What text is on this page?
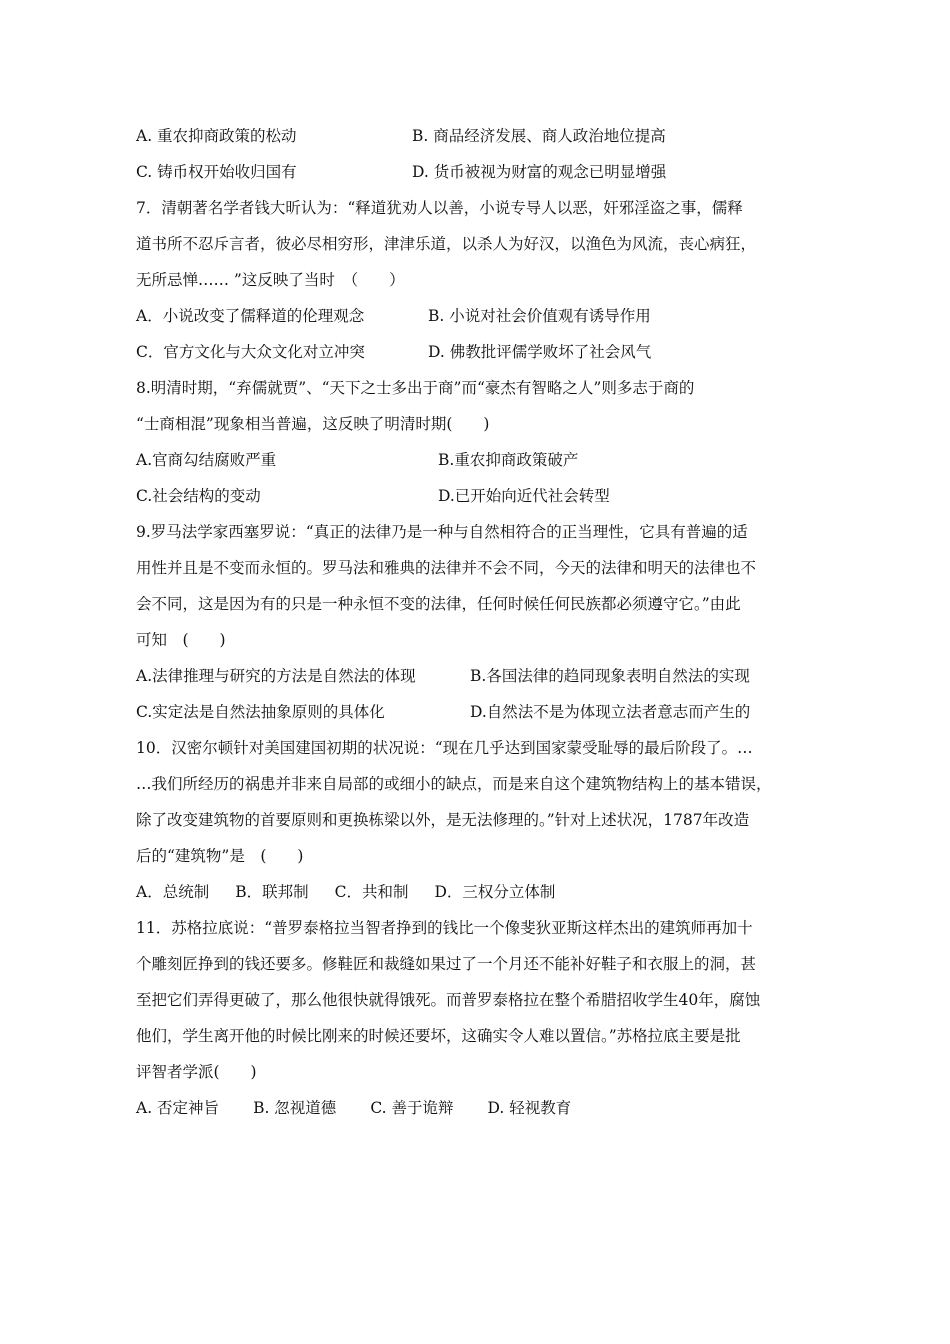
A. 重农抑商政策的松动	B. 商品经济发展、商人政治地位提高
C. 铸币权开始收归国有	D. 货币被视为财富的观念已明显增强
7．清朝著名学者钱大昕认为：“释道犹劝人以善，小说专导人以恶，奸邪淫盗之事，儒释
道书所不忍斥言者，彼必尽相穷形，津津乐道，以杀人为好汉，以渔色为风流，丧心病狂，
无所忌惮…… ”这反映了当时　（　　）
A．小说改变了儒释道的伦理观念	B. 小说对社会价值观有诱导作用
C．官方文化与大众文化对立冲突	D. 佛教批评儒学败坏了社会风气
8.明清时期，“弃儒就贾”、“天下之士多出于商”而“豪杰有智略之人”则多志于商的
“士商相混”现象相当普遍，这反映了明清时期(　　)
A.官商勾结腐败严重	B.重农抑商政策破产
C.社会结构的变动	D.已开始向近代社会转型
9.罗马法学家西塞罗说：“真正的法律乃是一种与自然相符合的正当理性，它具有普遍的适
用性并且是不变而永恒的。罗马法和雅典的法律并不会不同，今天的法律和明天的法律也不
会不同，这是因为有的只是一种永恒不变的法律，任何时候任何民族都必须遵守它。”由此
可知　(　　)
A.法律推理与研究的方法是自然法的体现	B.各国法律的趋同现象表明自然法的实现
C.实定法是自然法抽象原则的具体化	D.自然法不是为体现立法者意志而产生的
10．汉密尔顿针对美国建国初期的状况说：“现在几乎达到国家蒙受耻辱的最后阶段了。…
…我们所经历的祸患并非来自局部的或细小的缺点，而是来自这个建筑物结构上的基本错误，
除了改变建筑物的首要原则和更换栋梁以外，是无法修理的。”针对上述状况，1787年改造
后的“建筑物”是　(　　)
A．总统制 B．联邦制 C．共和制 D．三权分立体制
11．苏格拉底说：“普罗泰格拉当智者挣到的钱比一个像斐狄亚斯这样杰出的建筑师再加十
个雕刻匠挣到的钱还要多。修鞋匠和裁缝如果过了一个月还不能补好鞋子和衣服上的洞，甚
至把它们弄得更破了，那么他很快就得饿死。而普罗泰格拉在整个希腊招收学生40年，腐蚀
他们，学生离开他的时候比刚来的时候还要坏，这确实令人难以置信。”苏格拉底主要是批
评智者学派(　　)
A. 否定神旨 B. 忽视道德 C. 善于诡辩 D. 轻视教育
